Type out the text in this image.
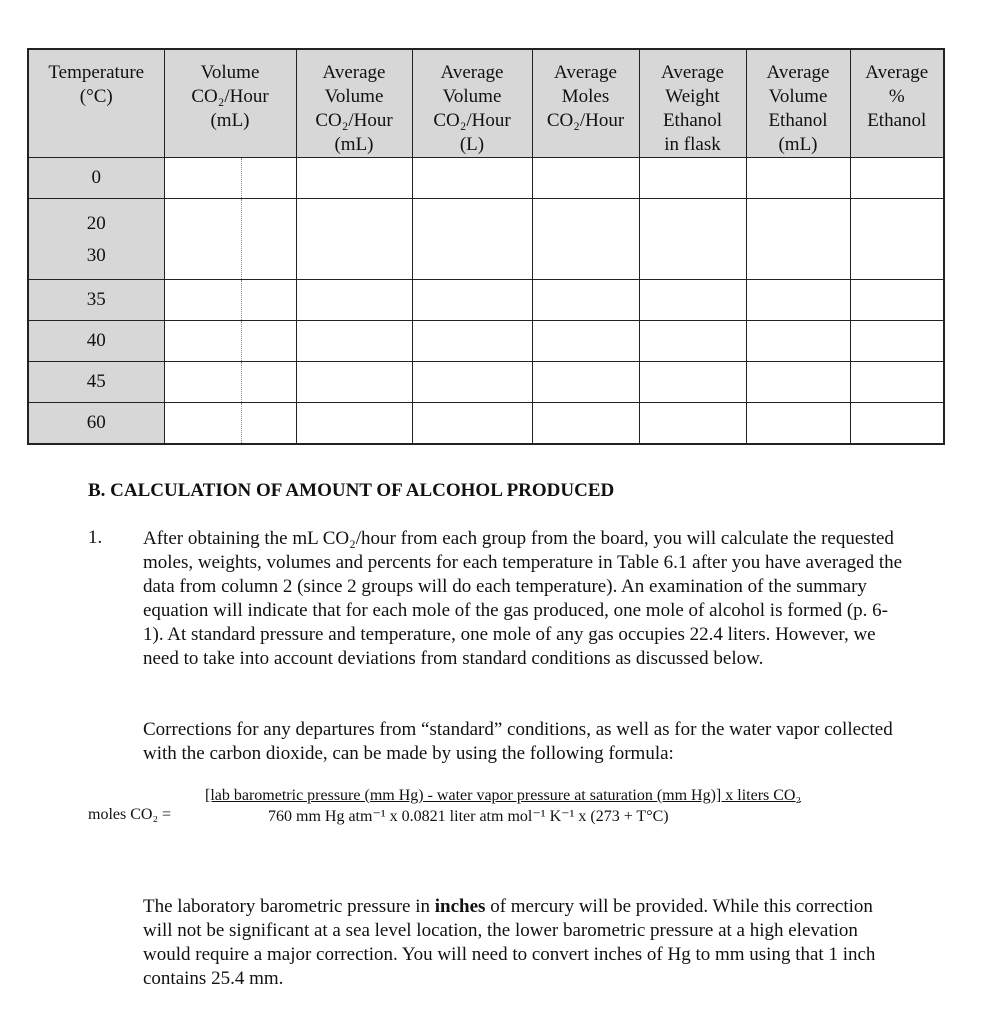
Temperature
(°C)	Volume
CO₂/Hour
(mL)	Average
Volume
CO₂/Hour
(mL)	Average
Volume
CO₂/Hour
(L)	Average
Moles
CO₂/Hour	Average
Weight
Ethanol
in flask	Average
Volume
Ethanol
(mL)	Average
%
Ethanol

0	

20
30							

35	

40	

45	

60	

B. CALCULATION OF AMOUNT OF ALCOHOL PRODUCED
1. After obtaining the mL CO₂/hour from each group from the board, you will calculate the requested moles, weights, volumes and percents for each temperature in Table 6.1 after you have averaged the data from column 2 (since 2 groups will do each temperature). An examination of the summary equation will indicate that for each mole of the gas produced, one mole of alcohol is formed (p. 6-1). At standard pressure and temperature, one mole of any gas occupies 22.4 liters. However, we need to take into account deviations from standard conditions as discussed below.

Corrections for any departures from “standard” conditions, as well as for the water vapor collected with the carbon dioxide, can be made by using the following formula:

moles CO₂ =
[lab barometric pressure (mm Hg) - water vapor pressure at saturation (mm Hg)] x liters CO₂
760 mm Hg atm⁻¹ x 0.0821 liter atm mol⁻¹ K⁻¹ x (273 + T°C)

The laboratory barometric pressure in inches of mercury will be provided. While this correction will not be significant at a sea level location, the lower barometric pressure at a high elevation would require a major correction. You will need to convert inches of Hg to mm using that 1 inch contains 25.4 mm.
